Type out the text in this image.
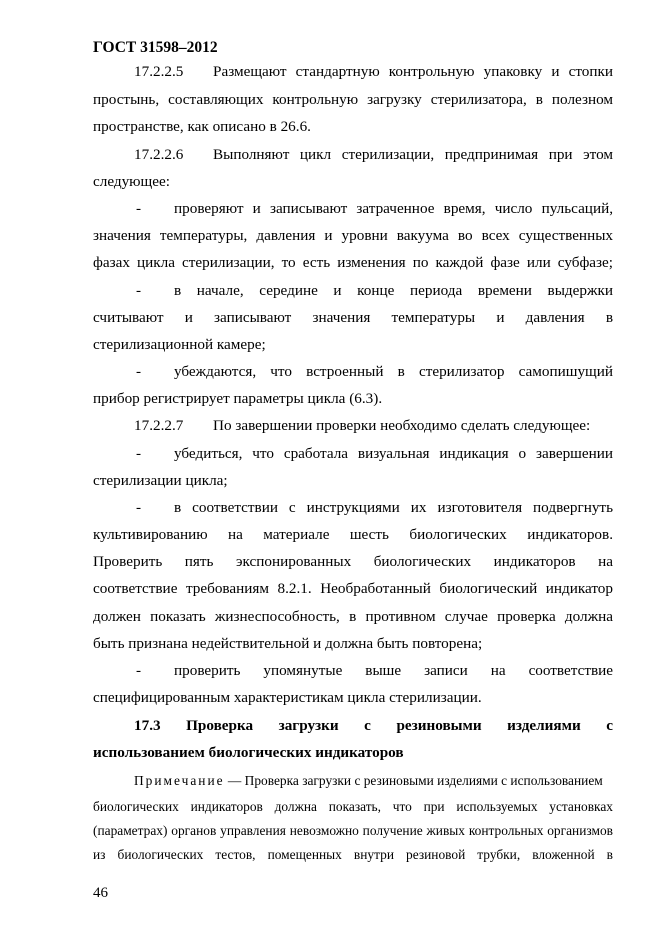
ГОСТ 31598–2012
17.2.2.5 Размещают стандартную контрольную упаковку и стопки
простынь, составляющих контрольную загрузку стерилизатора, в полезном
пространстве, как описано в 26.6.
17.2.2.6 Выполняют цикл стерилизации, предпринимая при этом
следующее:
- проверяют и записывают затраченное время, число пульсаций,
значения температуры, давления и уровни вакуума во всех существенных
фазах цикла стерилизации, то есть изменения по каждой фазе или субфазе;
- в начале, середине и конце периода времени выдержки
считывают и записывают значения температуры и давления в
стерилизационной камере;
- убеждаются, что встроенный в стерилизатор самопишущий
прибор регистрирует параметры цикла (6.3).
17.2.2.7 По завершении проверки необходимо сделать следующее:
- убедиться, что сработала визуальная индикация о завершении
стерилизации цикла;
- в соответствии с инструкциями их изготовителя подвергнуть
культивированию на материале шесть биологических индикаторов.
Проверить пять экспонированных биологических индикаторов на
соответствие требованиям 8.2.1. Необработанный биологический индикатор
должен показать жизнеспособность, в противном случае проверка должна
быть признана недействительной и должна быть повторена;
- проверить упомянутые выше записи на соответствие
специфицированным характеристикам цикла стерилизации.
17.3 Проверка загрузки с резиновыми изделиями с
использованием биологических индикаторов
Примечание — Проверка загрузки с резиновыми изделиями с использованием
биологических индикаторов должна показать, что при используемых установках
(параметрах) органов управления невозможно получение живых контрольных организмов
из биологических тестов, помещенных внутри резиновой трубки, вложенной в
46
